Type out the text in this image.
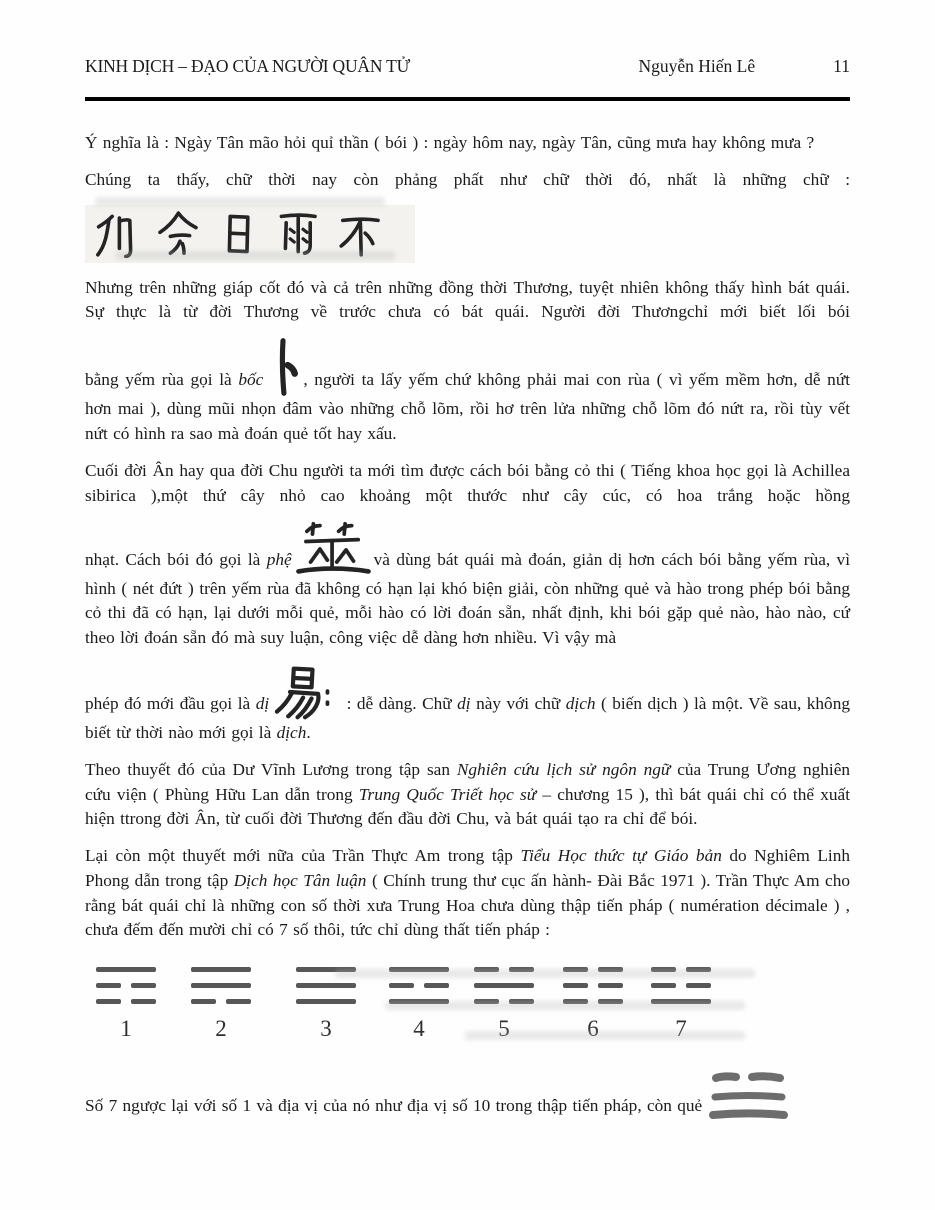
KINH DỊCH – ĐẠO CỦA NGƯỜI QUÂN TỬ	Nguyễn Hiến Lê	11

Ý nghĩa là : Ngày Tân mão hỏi quỉ thần ( bói ) : ngày hôm nay, ngày Tân, cũng mưa hay không mưa ?

Chúng ta thấy, chữ thời nay còn phảng phất như chữ thời đó, nhất là những chữ :

Nhưng trên những giáp cốt đó và cả trên những đồng thời Thương, tuyệt nhiên không thấy hình bát quái. Sự thực là từ đời Thương về trước chưa có bát quái. Người đời Thươngchỉ mới biết lối bói

bằng yếm rùa gọi là bốc , người ta lấy yếm chứ không phải mai con rùa ( vì yếm mềm hơn, dễ nứt hơn mai ), dùng mũi nhọn đâm vào những chỗ lõm, rồi hơ trên lửa những chỗ lõm đó nứt ra, rồi tùy vết nứt có hình ra sao mà đoán quẻ tốt hay xấu.

Cuối đời Ân hay qua đời Chu người ta mới tìm được cách bói bằng cỏ thi ( Tiếng khoa học gọi là Achillea sibirica ),một thứ cây nhỏ cao khoảng một thước như cây cúc, có hoa trắng hoặc hồng

nhạt. Cách bói đó gọi là phệ	và dùng bát quái mà đoán, giản dị hơn cách bói bằng yếm rùa, vì hình ( nét đứt ) trên yếm rùa đã không có hạn lại khó biện giải, còn những quẻ và hào trong phép bói bằng cỏ thi đã có hạn, lại dưới mỗi quẻ, mỗi hào có lời đoán sẵn, nhất định, khi bói gặp quẻ nào, hào nào, cứ theo lời đoán sẵn đó mà suy luận, công việc dễ dàng hơn nhiều. Vì vậy mà

phép đó mới đầu gọi là dị	: dễ dàng. Chữ dị này với chữ dịch ( biến dịch ) là một. Về sau, không biết từ thời nào mới gọi là dịch.

Theo thuyết đó của Dư Vĩnh Lương trong tập san Nghiên cứu lịch sử ngôn ngữ của Trung Ương nghiên cứu viện ( Phùng Hữu Lan dẫn trong Trung Quốc Triết học sử – chương 15 ), thì bát quái chỉ có thể xuất hiện ttrong đời Ân, từ cuối đời Thương đến đầu đời Chu, và bát quái tạo ra chỉ để bói.

Lại còn một thuyết mới nữa của Trần Thực Am trong tập Tiểu Học thức tự Giáo bản do Nghiêm Linh Phong dẫn trong tập Dịch học Tân luận ( Chính trung thư cục ấn hành- Đài Bắc 1971 ). Trần Thực Am cho rằng bát quái chỉ là những con số thời xưa Trung Hoa chưa dùng thập tiến pháp ( numération décimale ) , chưa đếm đến mười chỉ có 7 số thôi, tức chỉ dùng thất tiến pháp :

1	2	3	4	5	6	7

Số 7 ngược lại với số 1 và địa vị của nó như địa vị số 10 trong thập tiến pháp, còn quẻ
